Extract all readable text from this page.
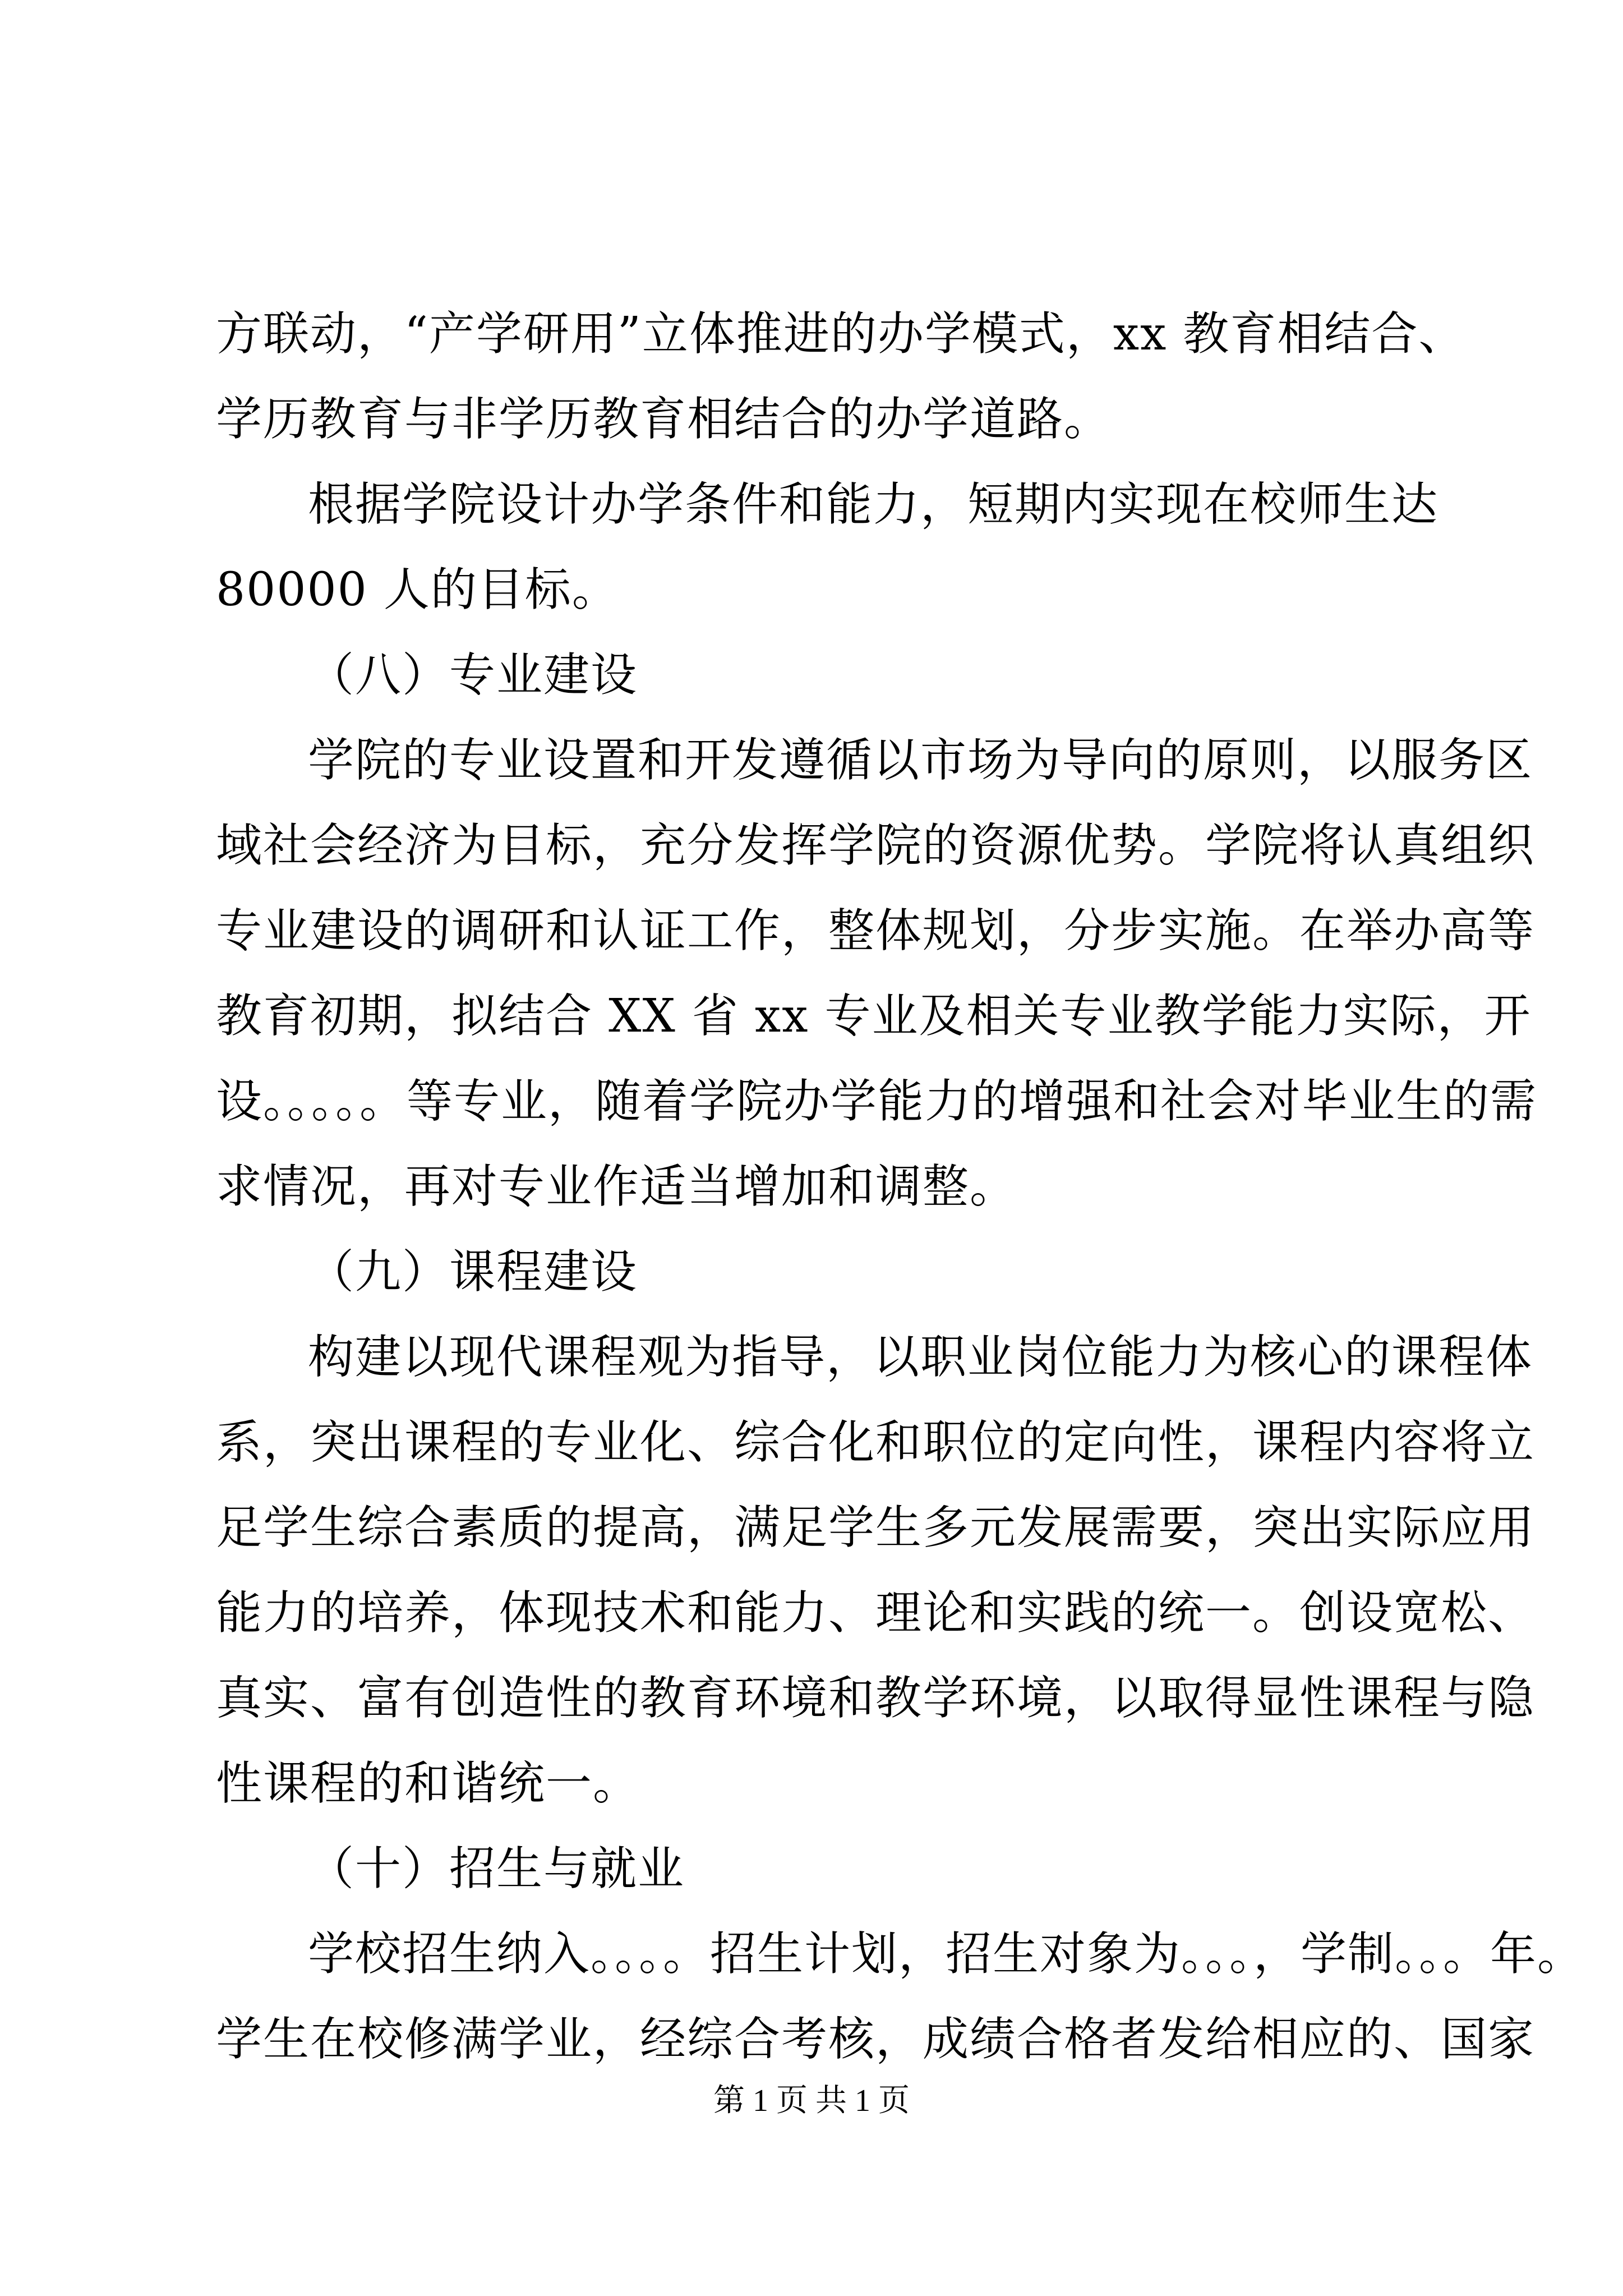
方联动，“产学研用”立体推进的办学模式，xx 教育相结合、
学历教育与非学历教育相结合的办学道路。
根据学院设计办学条件和能力，短期内实现在校师生达
80000 人的目标。
（八）专业建设
学院的专业设置和开发遵循以市场为导向的原则，以服务区
域社会经济为目标，充分发挥学院的资源优势。学院将认真组织
专业建设的调研和认证工作，整体规划，分步实施。在举办高等
教育初期，拟结合 XX 省 xx 专业及相关专业教学能力实际，开
设。。。。。等专业，随着学院办学能力的增强和社会对毕业生的需
求情况，再对专业作适当增加和调整。
（九）课程建设
构建以现代课程观为指导，以职业岗位能力为核心的课程体
系，突出课程的专业化、综合化和职位的定向性，课程内容将立
足学生综合素质的提高，满足学生多元发展需要，突出实际应用
能力的培养，体现技术和能力、理论和实践的统一。创设宽松、
真实、富有创造性的教育环境和教学环境，以取得显性课程与隐
性课程的和谐统一。
（十）招生与就业
学校招生纳入。。。。招生计划，招生对象为。。。，学制。。。年。
学生在校修满学业，经综合考核，成绩合格者发给相应的、国家
第 1 页 共 1 页
